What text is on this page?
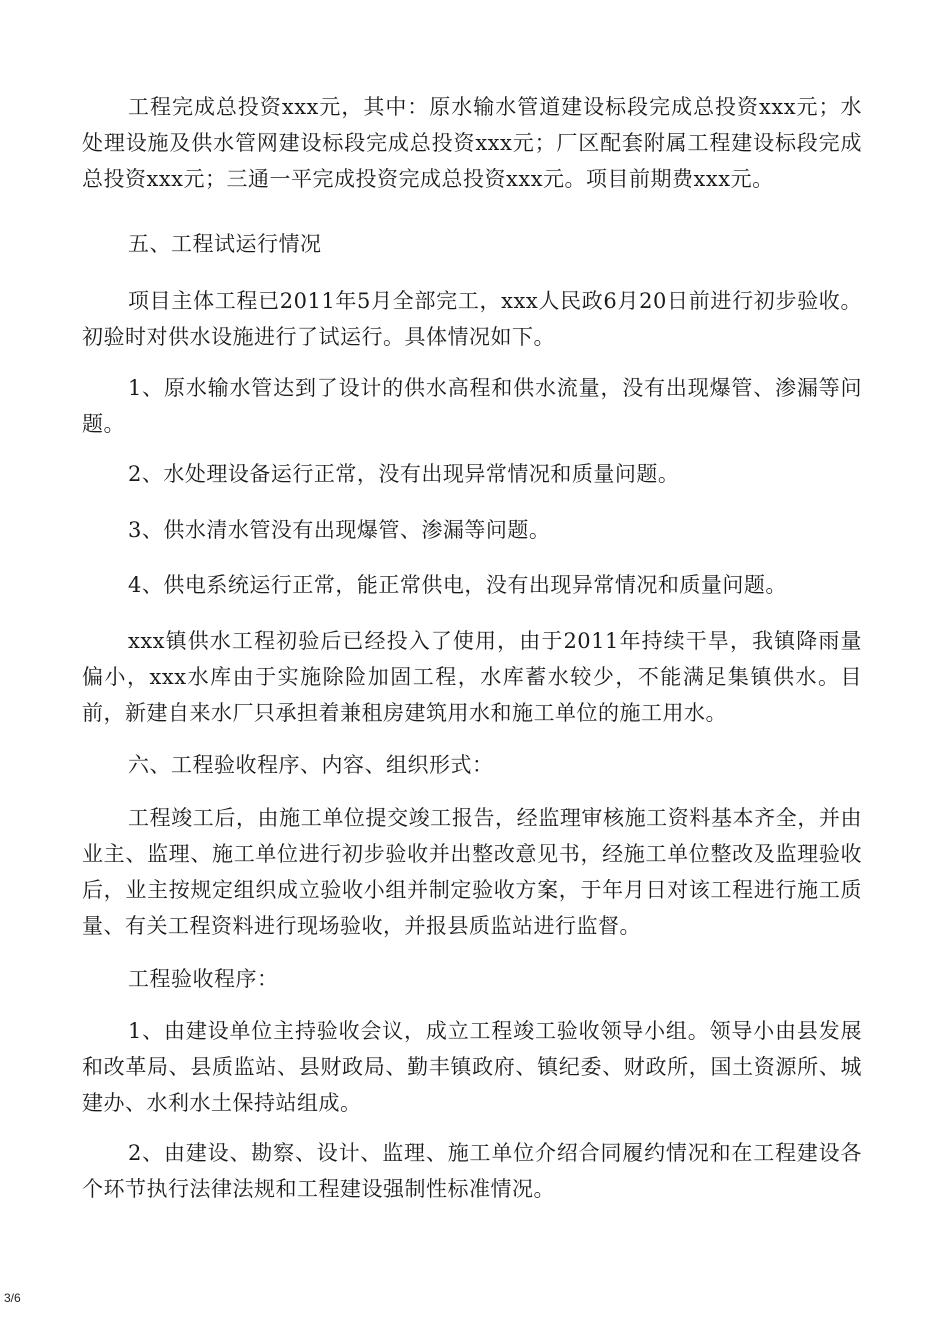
工程完成总投资xxx元，其中：原水输水管道建设标段完成总投资xxx元；水处理设施及供水管网建设标段完成总投资xxx元；厂区配套附属工程建设标段完成总投资xxx元；三通一平完成投资完成总投资xxx元。项目前期费xxx元。

五、工程试运行情况

项目主体工程已2011年5月全部完工，xxx人民政6月20日前进行初步验收。初验时对供水设施进行了试运行。具体情况如下。

1、原水输水管达到了设计的供水高程和供水流量，没有出现爆管、渗漏等问题。

2、水处理设备运行正常，没有出现异常情况和质量问题。

3、供水清水管没有出现爆管、渗漏等问题。

4、供电系统运行正常，能正常供电，没有出现异常情况和质量问题。

xxx镇供水工程初验后已经投入了使用，由于2011年持续干旱，我镇降雨量偏小，xxx水库由于实施除险加固工程，水库蓄水较少，不能满足集镇供水。目前，新建自来水厂只承担着兼租房建筑用水和施工单位的施工用水。

六、工程验收程序、内容、组织形式：

工程竣工后，由施工单位提交竣工报告，经监理审核施工资料基本齐全，并由业主、监理、施工单位进行初步验收并出整改意见书，经施工单位整改及监理验收后，业主按规定组织成立验收小组并制定验收方案，于年月日对该工程进行施工质量、有关工程资料进行现场验收，并报县质监站进行监督。

工程验收程序：

1、由建设单位主持验收会议，成立工程竣工验收领导小组。领导小由县发展和改革局、县质监站、县财政局、勤丰镇政府、镇纪委、财政所，国土资源所、城建办、水利水土保持站组成。

2、由建设、勘察、设计、监理、施工单位介绍合同履约情况和在工程建设各个环节执行法律法规和工程建设强制性标准情况。

3/6
